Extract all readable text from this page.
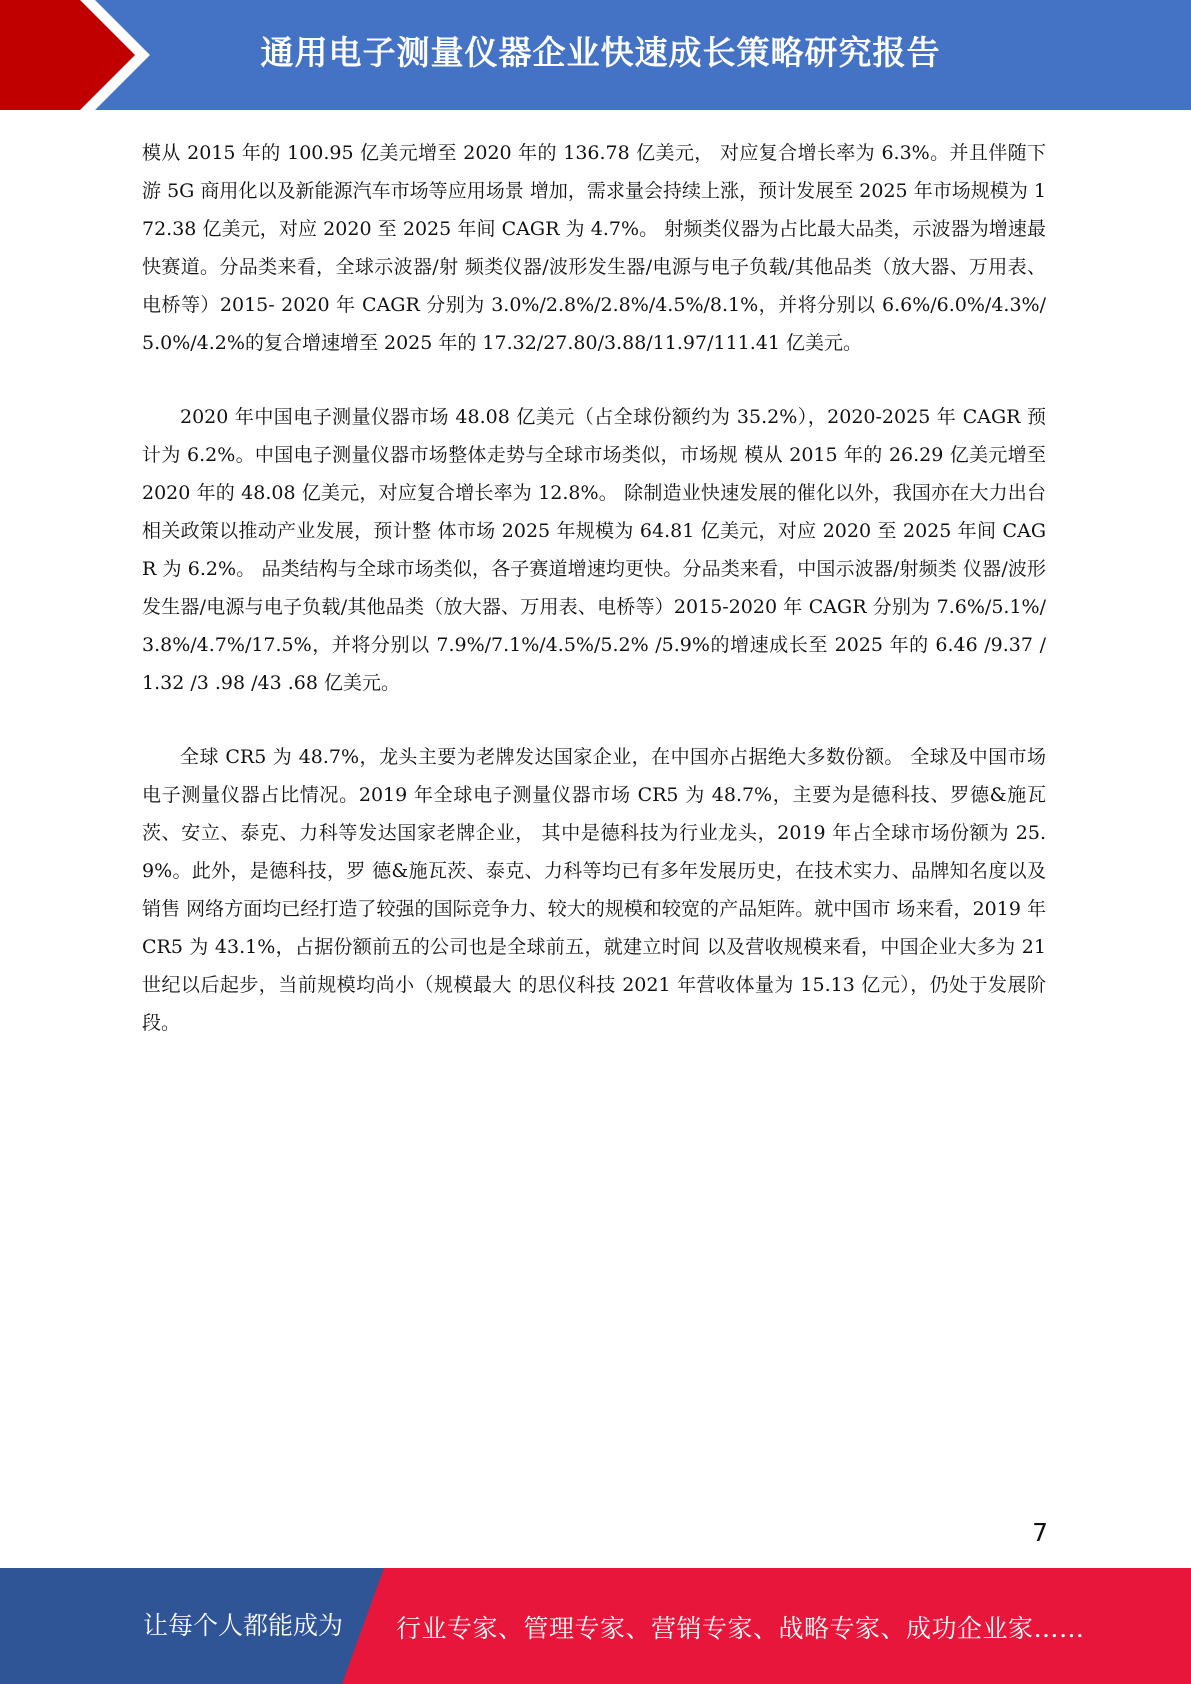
通用电子测量仪器企业快速成长策略研究报告

模从 2015 年的 100.95 亿美元增至 2020 年的 136.78 亿美元， 对应复合增长率为 6.3%。并且伴随下游 5G 商用化以及新能源汽车市场等应用场景 增加，需求量会持续上涨，预计发展至 2025 年市场规模为 172.38 亿美元，对应 2020 至 2025 年间 CAGR 为 4.7%。 射频类仪器为占比最大品类，示波器为增速最快赛道。分品类来看，全球示波器/射 频类仪器/波形发生器/电源与电子负载/其他品类（放大器、万用表、电桥等）2015- 2020 年 CAGR 分别为 3.0%/2.8%/2.8%/4.5%/8.1%，并将分别以 6.6%/6.0%/4.3%/ 5.0%/4.2%的复合增速增至 2025 年的 17.32/27.80/3.88/11.97/111.41 亿美元。

2020 年中国电子测量仪器市场 48.08 亿美元（占全球份额约为 35.2%），2020-2025 年 CAGR 预计为 6.2%。中国电子测量仪器市场整体走势与全球市场类似，市场规 模从 2015 年的 26.29 亿美元增至 2020 年的 48.08 亿美元，对应复合增长率为 12.8%。 除制造业快速发展的催化以外，我国亦在大力出台相关政策以推动产业发展，预计整 体市场 2025 年规模为 64.81 亿美元，对应 2020 至 2025 年间 CAGR 为 6.2%。 品类结构与全球市场类似，各子赛道增速均更快。分品类来看，中国示波器/射频类 仪器/波形发生器/电源与电子负载/其他品类（放大器、万用表、电桥等）2015-2020 年 CAGR 分别为 7.6%/5.1%/3.8%/4.7%/17.5%，并将分别以 7.9%/7.1%/4.5%/5.2% /5.9%的增速成长至 2025 年的 6.46 /9.37 / 1.32 /3 .98 /43 .68 亿美元。

全球 CR5 为 48.7%，龙头主要为老牌发达国家企业，在中国亦占据绝大多数份额。 全球及中国市场电子测量仪器占比情况。2019 年全球电子测量仪器市场 CR5 为 48.7%，主要为是德科技、罗德&施瓦茨、安立、泰克、力科等发达国家老牌企业， 其中是德科技为行业龙头，2019 年占全球市场份额为 25.9%。此外，是德科技，罗 德&施瓦茨、泰克、力科等均已有多年发展历史，在技术实力、品牌知名度以及销售 网络方面均已经打造了较强的国际竞争力、较大的规模和较宽的产品矩阵。就中国市 场来看，2019 年 CR5 为 43.1%，占据份额前五的公司也是全球前五，就建立时间 以及营收规模来看，中国企业大多为 21 世纪以后起步，当前规模均尚小（规模最大 的思仪科技 2021 年营收体量为 15.13 亿元），仍处于发展阶段。

7
让每个人都能成为 行业专家、管理专家、营销专家、战略专家、成功企业家……
